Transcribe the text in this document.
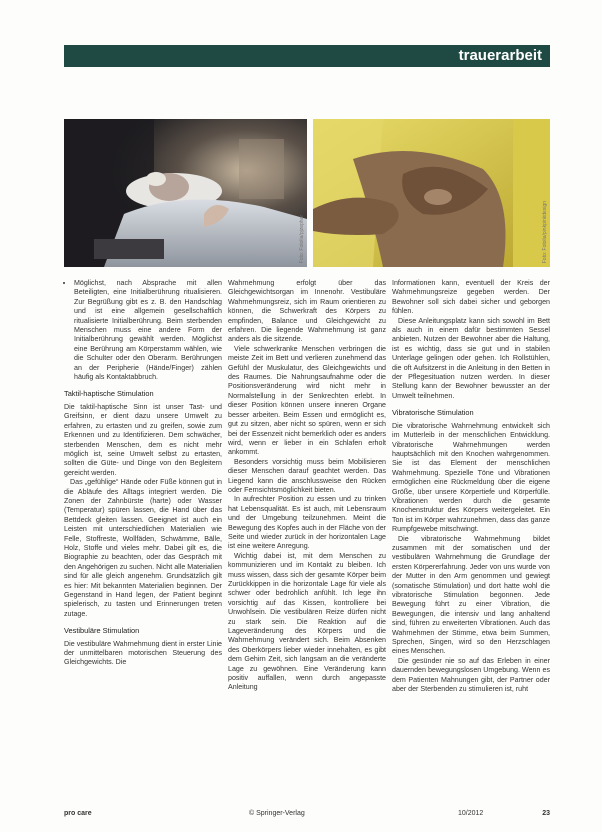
trauerarbeit
Foto: Fotolia/pjzephar	Foto: Fotolia/pinkpinkdesign
• Möglichst, nach Absprache mit allen Beteiligten, eine Initialberührung ritualisieren. Zur Begrüßung gibt es z. B. den Handschlag und ist eine allgemein gesellschaftlich ritualisierte Initialberührung. Beim sterbenden Menschen muss eine andere Form der Initialberührung gewählt werden. Möglichst eine Berührung am Körperstamm wählen, wie die Schulter oder den Oberarm. Berührungen an der Peripherie (Hände/Finger) zählen häufig als Kontaktabbruch.
Taktil-haptische Stimulation

Die taktil-haptische Sinn ist unser Tast- und Greifsinn, er dient dazu unsere Umwelt zu erfahren, zu ertasten und zu greifen, sowie zum Erkennen und zu Identifizieren. Dem schwächer, sterbenden Menschen, dem es nicht mehr möglich ist, seine Umwelt selbst zu ertasten, sollten die Güte- und Dinge von den Begleitern gereicht werden.

Das „gefühlige“ Hände oder Füße können gut in die Abläufe des Alltags integriert werden. Die Zonen der Zahnbürste (harte) oder Wasser (Temperatur) spüren lassen, die Hand über das Bettdeck gleiten lassen. Geeignet ist auch ein Leisten mit unterschiedlichen Materialien wie Felle, Stoffreste, Wollfäden, Schwämme, Bälle, Holz, Stoffe und vieles mehr. Dabei gilt es, die Biographie zu beachten, oder das Gespräch mit den Angehörigen zu suchen. Nicht alle Materialien sind für alle gleich angenehm. Grundsätzlich gilt es hier: Mit bekannten Materialien beginnen. Der Gegenstand in Hand legen, der Patient beginnt spielerisch, zu tasten und Erinnerungen treten zutage.

Vestibuläre Stimulation

Die vestibuläre Wahrnehmung dient in erster Linie der unmittelbaren motorischen Steuerung des Gleichgewichts. Die

Wahrnehmung erfolgt über das Gleichgewichtsorgan im Innenohr. Vestibuläre Wahrnehmungsreiz, sich im Raum orientieren zu können, die Schwerkraft des Körpers zu empfinden, Balance und Gleichgewicht zu erfahren. Die liegende Wahrnehmung ist ganz anders als die sitzende.

Viele schwerkranke Menschen verbringen die meiste Zeit im Bett und verlieren zunehmend das Gefühl der Muskulatur, des Gleichgewichts und des Raumes. Die Nahrungsaufnahme oder die Positionsveränderung wird nicht mehr in Normalstellung in der Senkrechten erlebt. In dieser Position können unsere inneren Organe besser arbeiten. Beim Essen und ermöglicht es, gut zu sitzen, aber nicht so spüren, wenn er sich bei der Essenzeit nicht bemerklich oder es anders wird, wenn er lieber in ein Schlafen erholt ankommt.

Besonders vorsichtig muss beim Mobilisieren dieser Menschen darauf geachtet werden. Das Liegend kann die anschlussweise den Rücken oder Fernsichtsmöglichkeit bieten.

In aufrechter Position zu essen und zu trinken hat Lebensqualität. Es ist auch, mit Lebensraum und der Umgebung teilzunehmen. Meint die Bewegung des Kopfes auch in der Fläche von der Seite und wieder zurück in der horizontalen Lage ist eine weitere Anregung.

Wichtig dabei ist, mit dem Menschen zu kommunizieren und im Kontakt zu bleiben. Ich muss wissen, dass sich der gesamte Körper beim Zurückkippen in die horizontale Lage für viele als schwer oder bedrohlich anfühlt. Ich lege ihn vorsichtig auf das Kissen, kontrolliere bei Unwohlsein. Die vestibulären Reize dürfen nicht zu stark sein. Die Reaktion auf die Lageveränderung des Körpers und die Wahrnehmung verändert sich. Beim Absenken des Oberkörpers lieber wieder innehalten, es gibt dem Gehirn Zeit, sich langsam an die veränderte Lage zu gewöhnen. Eine Veränderung kann positiv auffallen, wenn durch angepasste Anleitung

Informationen kann, eventuell der Kreis der Wahrnehmungsreize gegeben werden. Der Bewohner soll sich dabei sicher und geborgen fühlen.

Diese Anleitungsplatz kann sich sowohl im Bett als auch in einem dafür bestimmten Sessel anbieten. Nutzen der Bewohner aber die Haltung, ist es wichtig, dass sie gut und in stabilen Unterlage gelingen oder gehen. Ich Rollstühlen, die oft Aufsitzerst in die Anleitung in den Betten in der Pflegesituation nutzen werden. In dieser Stellung kann der Bewohner bewusster an der Umwelt teilnehmen.

Vibratorische Stimulation

Die vibratorische Wahrnehmung entwickelt sich im Mutterleib in der menschlichen Entwicklung. Vibratorische Wahrnehmungen werden hauptsächlich mit den Knochen wahrgenommen. Sie ist das Element der menschlichen Wahrnehmung. Spezielle Töne und Vibrationen ermöglichen eine Rückmeldung über die eigene Größe, über unsere Körpertiefe und Körperfülle. Vibrationen werden durch die gesamte Knochenstruktur des Körpers weitergeleitet. Ein Ton ist im Körper wahrzunehmen, dass das ganze Rumpfgewebe mitschwingt.

Die vibratorische Wahrnehmung bildet zusammen mit der somatischen und der vestibulären Wahrnehmung die Grundlage der ersten Körpererfahrung. Jeder von uns wurde von der Mutter in den Arm genommen und gewiegt (somatische Stimulation) und dort hatte wohl die vibratorische Stimulation begonnen. Jede Bewegung führt zu einer Vibration, die Bewegungen, die intensiv und lang anhaltend sind, führen zu erweiterten Vibrationen. Auch das Wahrnehmen der Stimme, etwa beim Summen, Sprechen, Singen, wird so den Herzschlagen eines Menschen.

Die gesünder nie so auf das Erleben in einer dauernden bewegungslosen Umgebung. Wenn es dem Patienten Mahnungen gibt, der Partner oder aber der Sterbenden zu stimulieren ist, ruht

pro care	© Springer-Verlag	10/2012	23
